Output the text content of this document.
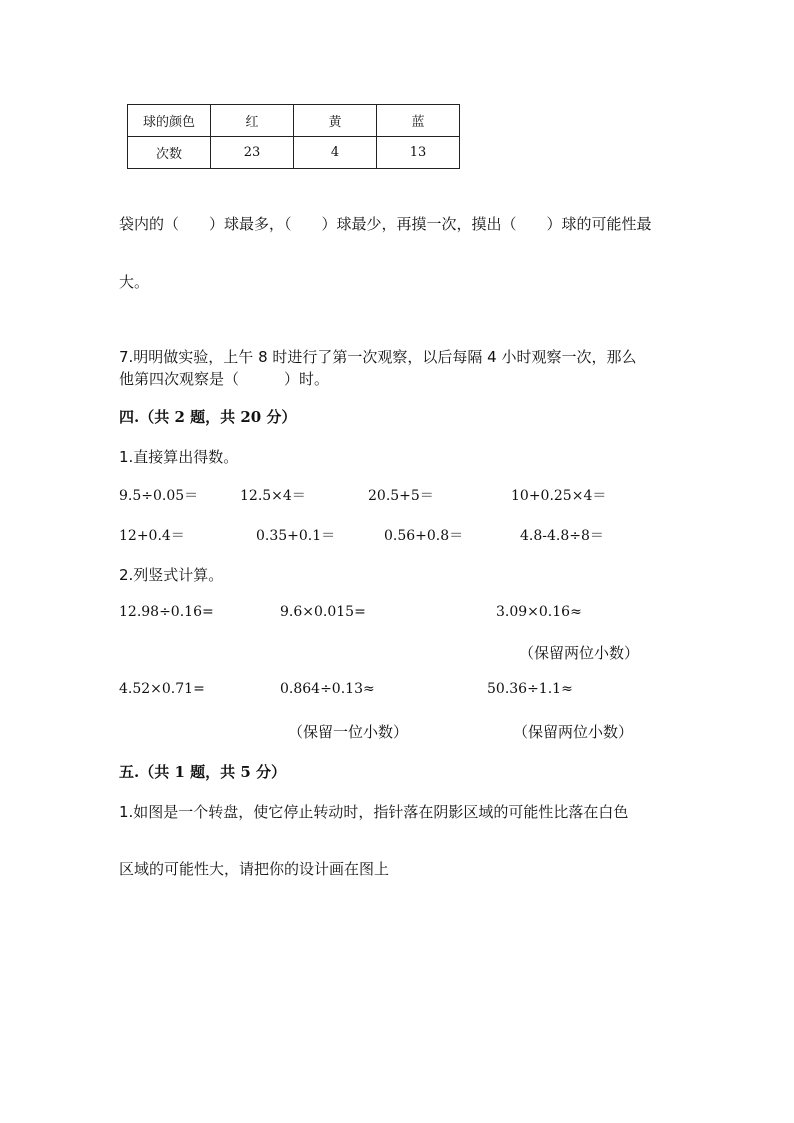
球的颜色	红	黄	蓝
次数	23	4	13
袋内的（　　）球最多，（　　）球最少，再摸一次，摸出（　　）球的可能性最
大。
7.明明做实验，上午 8 时进行了第一次观察，以后每隔 4 小时观察一次，那么
他第四次观察是（　　　）时。
四.（共 2 题，共 20 分）
1.直接算出得数。
9.5÷0.05＝	12.5×4＝	20.5+5＝	10+0.25×4＝
12+0.4＝	0.35+0.1＝	0.56+0.8＝	4.8-4.8÷8＝
2.列竖式计算。
12.98÷0.16=	9.6×0.015=	3.09×0.16≈
（保留两位小数）
4.52×0.71=	0.864÷0.13≈	50.36÷1.1≈
（保留一位小数）	（保留两位小数）
五.（共 1 题，共 5 分）
1.如图是一个转盘，使它停止转动时，指针落在阴影区域的可能性比落在白色
区域的可能性大，请把你的设计画在图上
